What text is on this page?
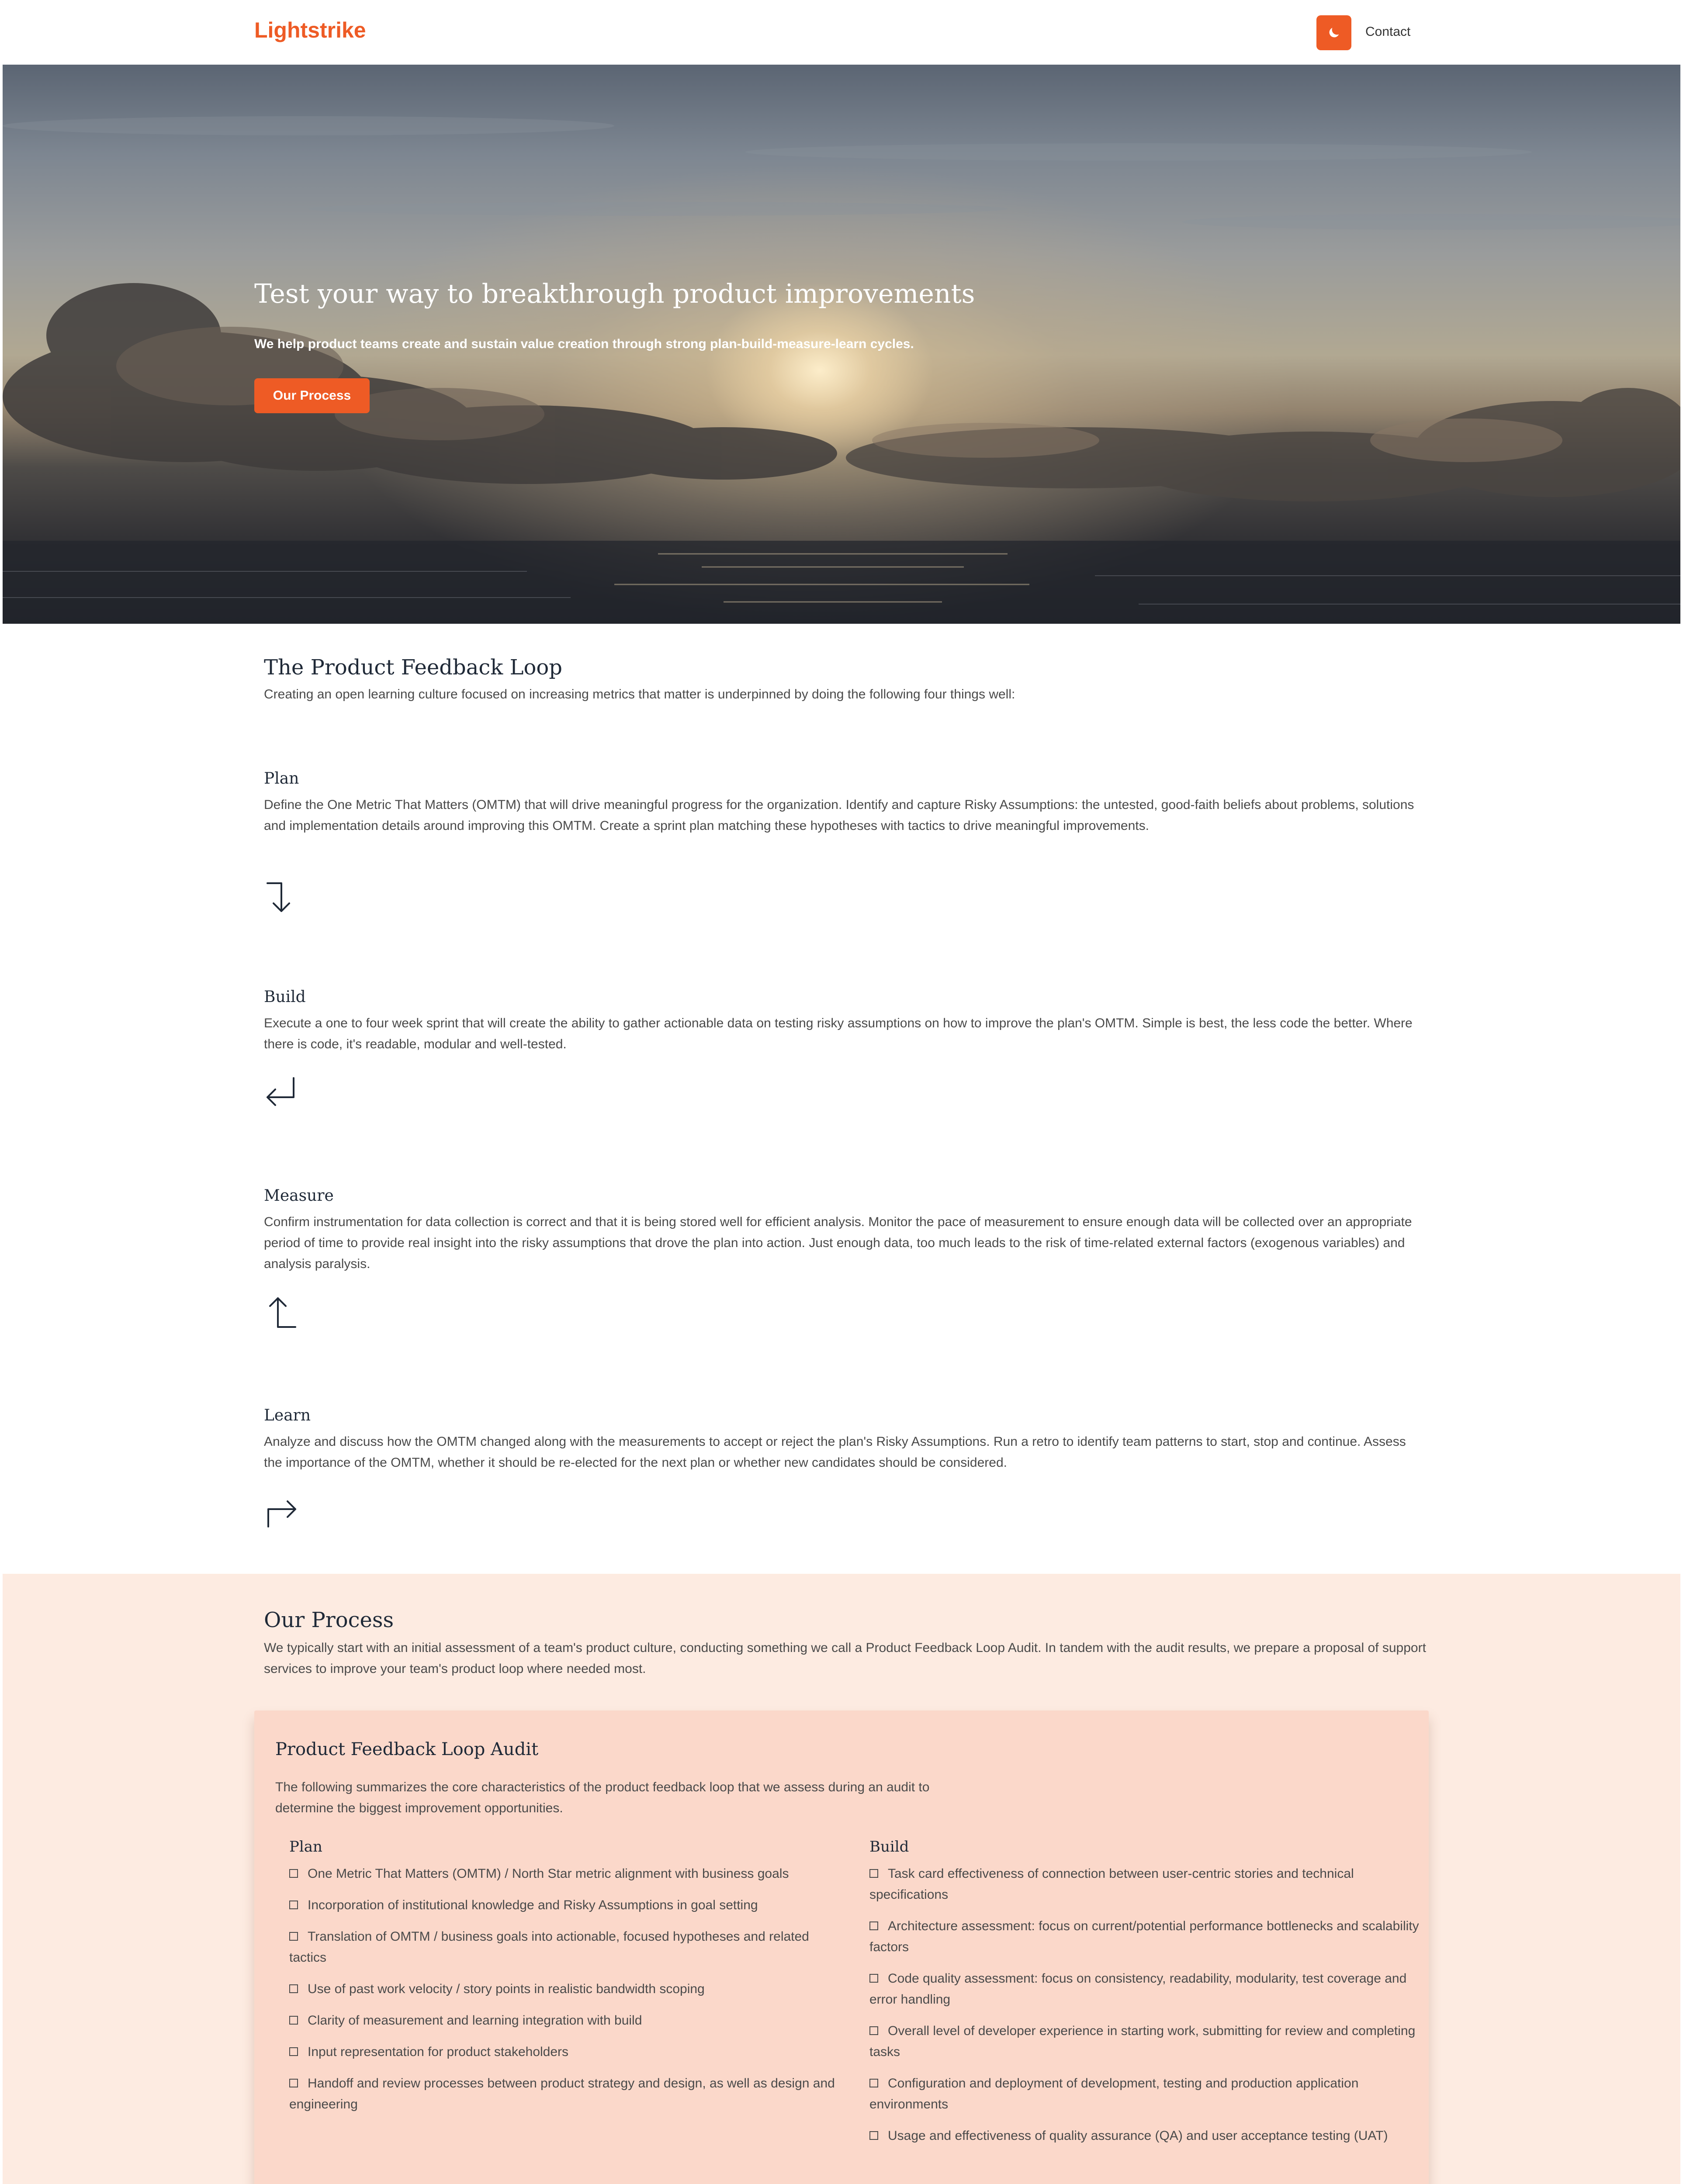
Lightstrike	Contact
Test your way to breakthrough product improvements
We help product teams create and sustain value creation through strong plan-build-measure-learn cycles.
Our Process
The Product Feedback Loop
Creating an open learning culture focused on increasing metrics that matter is underpinned by doing the following four things well:
Plan
Define the One Metric That Matters (OMTM) that will drive meaningful progress for the organization. Identify and capture Risky Assumptions: the untested, good-faith beliefs about problems, solutions and implementation details around improving this OMTM. Create a sprint plan matching these hypotheses with tactics to drive meaningful improvements.
Build
Execute a one to four week sprint that will create the ability to gather actionable data on testing risky assumptions on how to improve the plan's OMTM. Simple is best, the less code the better. Where there is code, it's readable, modular and well-tested.
Measure
Confirm instrumentation for data collection is correct and that it is being stored well for efficient analysis. Monitor the pace of measurement to ensure enough data will be collected over an appropriate period of time to provide real insight into the risky assumptions that drove the plan into action. Just enough data, too much leads to the risk of time-related external factors (exogenous variables) and analysis paralysis.
Learn
Analyze and discuss how the OMTM changed along with the measurements to accept or reject the plan's Risky Assumptions. Run a retro to identify team patterns to start, stop and continue. Assess the importance of the OMTM, whether it should be re-elected for the next plan or whether new candidates should be considered.
Our Process
We typically start with an initial assessment of a team's product culture, conducting something we call a Product Feedback Loop Audit. In tandem with the audit results, we prepare a proposal of support services to improve your team's product loop where needed most.
Product Feedback Loop Audit
The following summarizes the core characteristics of the product feedback loop that we assess during an audit to determine the biggest improvement opportunities.
Plan
One Metric That Matters (OMTM) / North Star metric alignment with business goals
Incorporation of institutional knowledge and Risky Assumptions in goal setting
Translation of OMTM / business goals into actionable, focused hypotheses and related tactics
Use of past work velocity / story points in realistic bandwidth scoping
Clarity of measurement and learning integration with build
Input representation for product stakeholders
Handoff and review processes between product strategy and design, as well as design and engineering
Build
Task card effectiveness of connection between user-centric stories and technical specifications
Architecture assessment: focus on current/potential performance bottlenecks and scalability factors
Code quality assessment: focus on consistency, readability, modularity, test coverage and error handling
Overall level of developer experience in starting work, submitting for review and completing tasks
Configuration and deployment of development, testing and production application environments
Usage and effectiveness of quality assurance (QA) and user acceptance testing (UAT)
